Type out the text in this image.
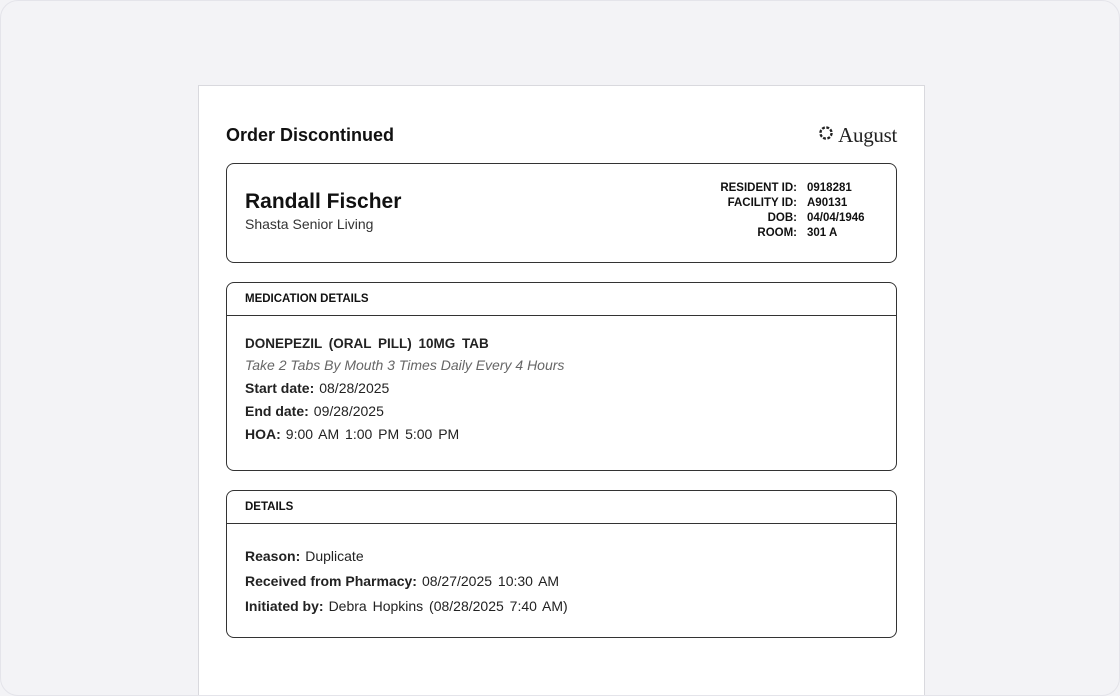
Order Discontinued	August
Randall Fischer
Shasta Senior Living
RESIDENT ID: 0918281
FACILITY ID: A90131
DOB: 04/04/1946
ROOM: 301 A
MEDICATION DETAILS
DONEPEZIL (ORAL PILL) 10MG TAB
Take 2 Tabs By Mouth 3 Times Daily Every 4 Hours
Start date: 08/28/2025
End date: 09/28/2025
HOA: 9:00 AM 1:00 PM 5:00 PM
DETAILS
Reason: Duplicate
Received from Pharmacy: 08/27/2025 10:30 AM
Initiated by: Debra Hopkins (08/28/2025 7:40 AM)
